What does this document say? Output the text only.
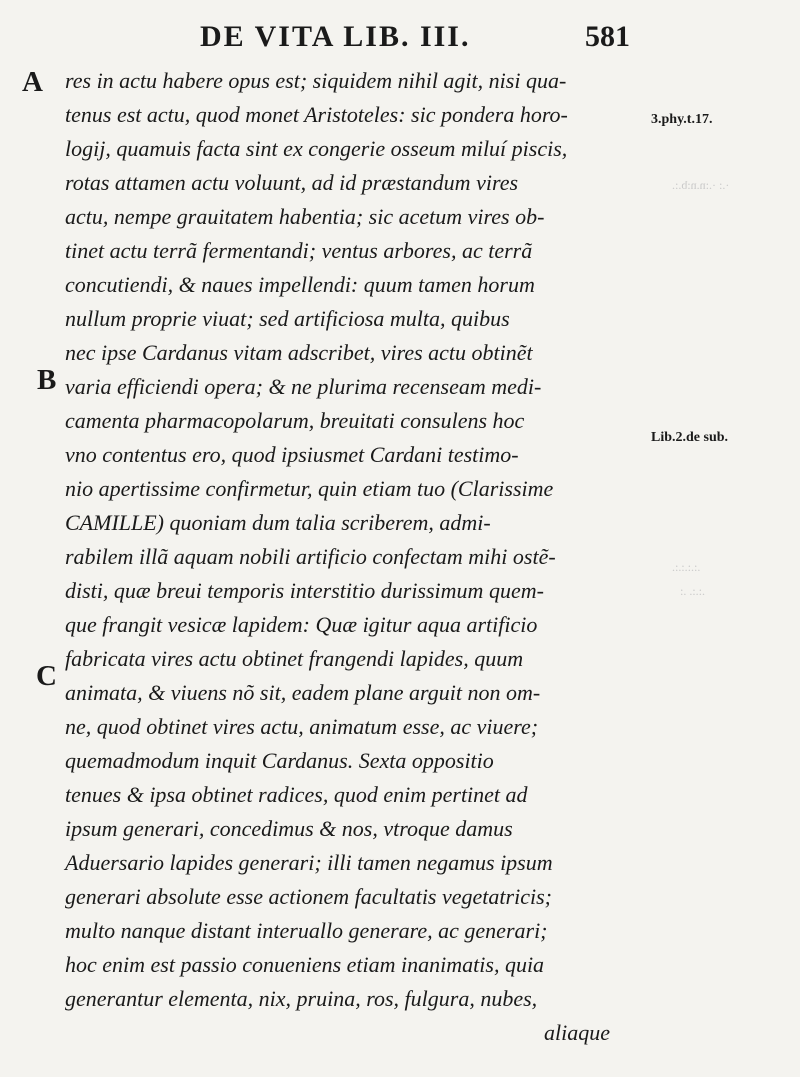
DE VITA LIB. III.	581
A
B
C
3.phy.t.17.
Lib.2.de sub.
·.: ·.:n.n:b.:.
.:.:.:.:.
.:.:. .:
res in actu habere opus est; siquidem nihil agit, nisi qua-
tenus est actu, quod monet Aristoteles: sic pondera horo-
logij, quamuis facta sint ex congerie osseum miluí piscis,
rotas attamen actu voluunt, ad id præstandum vires
actu, nempe grauitatem habentia; sic acetum vires ob-
tinet actu terrã fermentandi; ventus arbores, ac terrã
concutiendi, & naues impellendi: quum tamen horum
nullum proprie viuat; sed artificiosa multa, quibus
nec ipse Cardanus vitam adscribet, vires actu obtinẽt
varia efficiendi opera; & ne plurima recenseam medi-
camenta pharmacopolarum, breuitati consulens hoc
vno contentus ero, quod ipsiusmet Cardani testimo-
nio apertissime confirmetur, quin etiam tuo (Clarissime
CAMILLE) quoniam dum talia scriberem, admi-
rabilem illã aquam nobili artificio confectam mihi ostẽ-
disti, quæ breui temporis interstitio durissimum quem-
que frangit vesicæ lapidem: Quæ igitur aqua artificio
fabricata vires actu obtinet frangendi lapides, quum
animata, & viuens nõ sit, eadem plane arguit non om-
ne, quod obtinet vires actu, animatum esse, ac viuere;
quemadmodum inquit Cardanus. Sexta oppositio
tenues & ipsa obtinet radices, quod enim pertinet ad
ipsum generari, concedimus & nos, vtroque damus
Aduersario lapides generari; illi tamen negamus ipsum
generari absolute esse actionem facultatis vegetatricis;
multo nanque distant interuallo generare, ac generari;
hoc enim est passio conueniens etiam inanimatis, quia
generantur elementa, nix, pruina, ros, fulgura, nubes,
aliaque
